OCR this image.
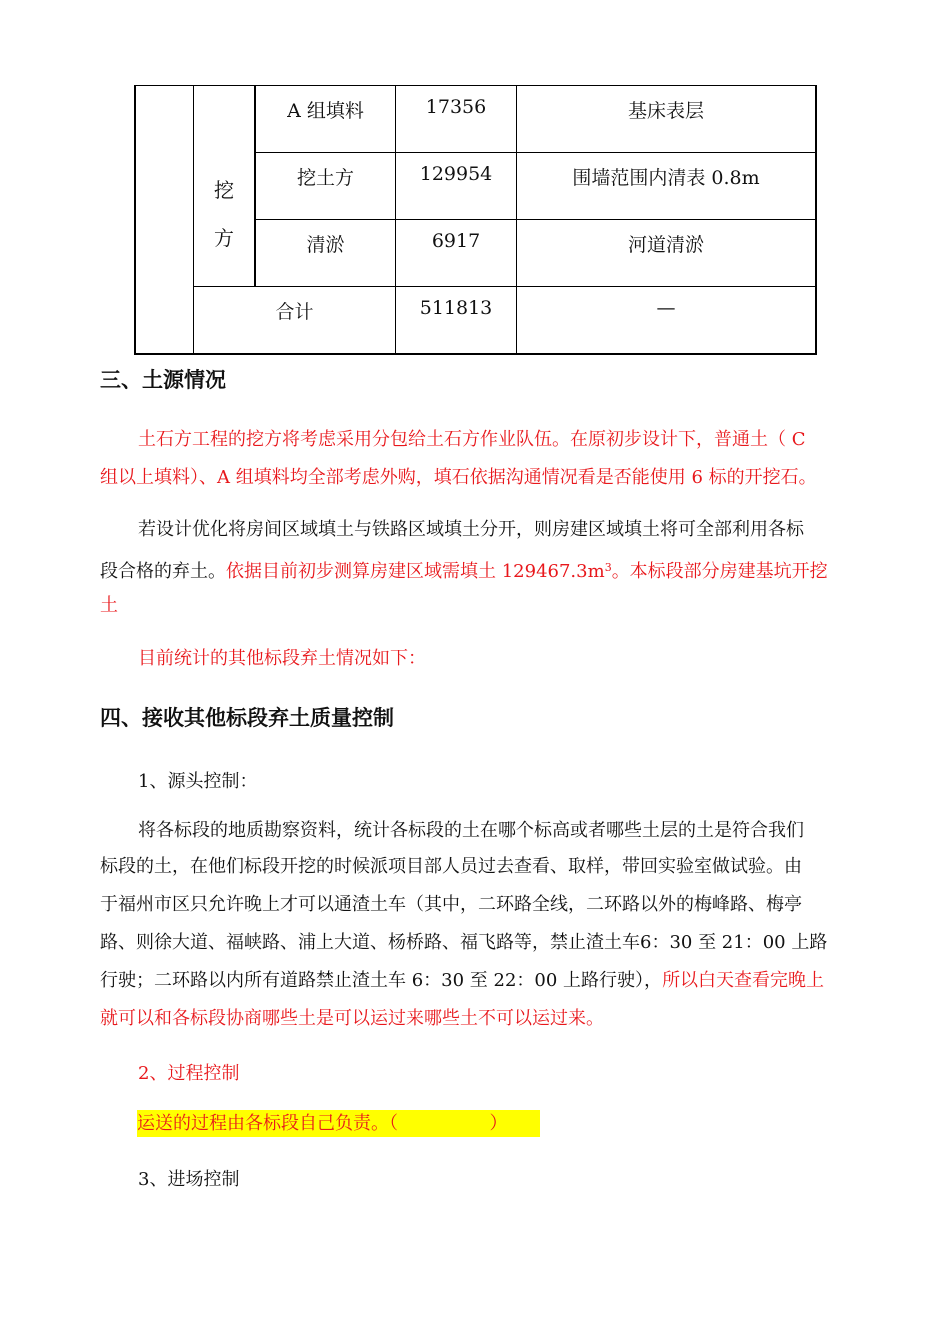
挖
方
A 组填料	17356	基床表层
挖土方	129954	围墙范围内清表 0.8m
清淤	6917	河道清淤
合计	511813	—
三、土源情况
土石方工程的挖方将考虑采用分包给土石方作业队伍。在原初步设计下，普通土（ C
组以上填料）、A 组填料均全部考虑外购，填石依据沟通情况看是否能使用 6 标的开挖石。
若设计优化将房间区域填土与铁路区域填土分开，则房建区域填土将可全部利用各标
段合格的弃土。依据目前初步测算房建区域需填土 $129467.3m^3$。本标段部分房建基坑开挖
土
目前统计的其他标段弃土情况如下：
四、接收其他标段弃土质量控制
1、源头控制：
将各标段的地质勘察资料，统计各标段的土在哪个标高或者哪些土层的土是符合我们
标段的土，在他们标段开挖的时候派项目部人员过去查看、取样，带回实验室做试验。由
于福州市区只允许晚上才可以通渣土车（其中，二环路全线，二环路以外的梅峰路、梅亭
路、则徐大道、福峡路、浦上大道、杨桥路、福飞路等，禁止渣土车6：30 至 21：00 上路
行驶；二环路以内所有道路禁止渣土车 6：30 至 22：00 上路行驶），所以白天查看完晚上
就可以和各标段协商哪些土是可以运过来哪些土不可以运过来。
2、过程控制
运送的过程由各标段自己负责。（                ）
3、进场控制
